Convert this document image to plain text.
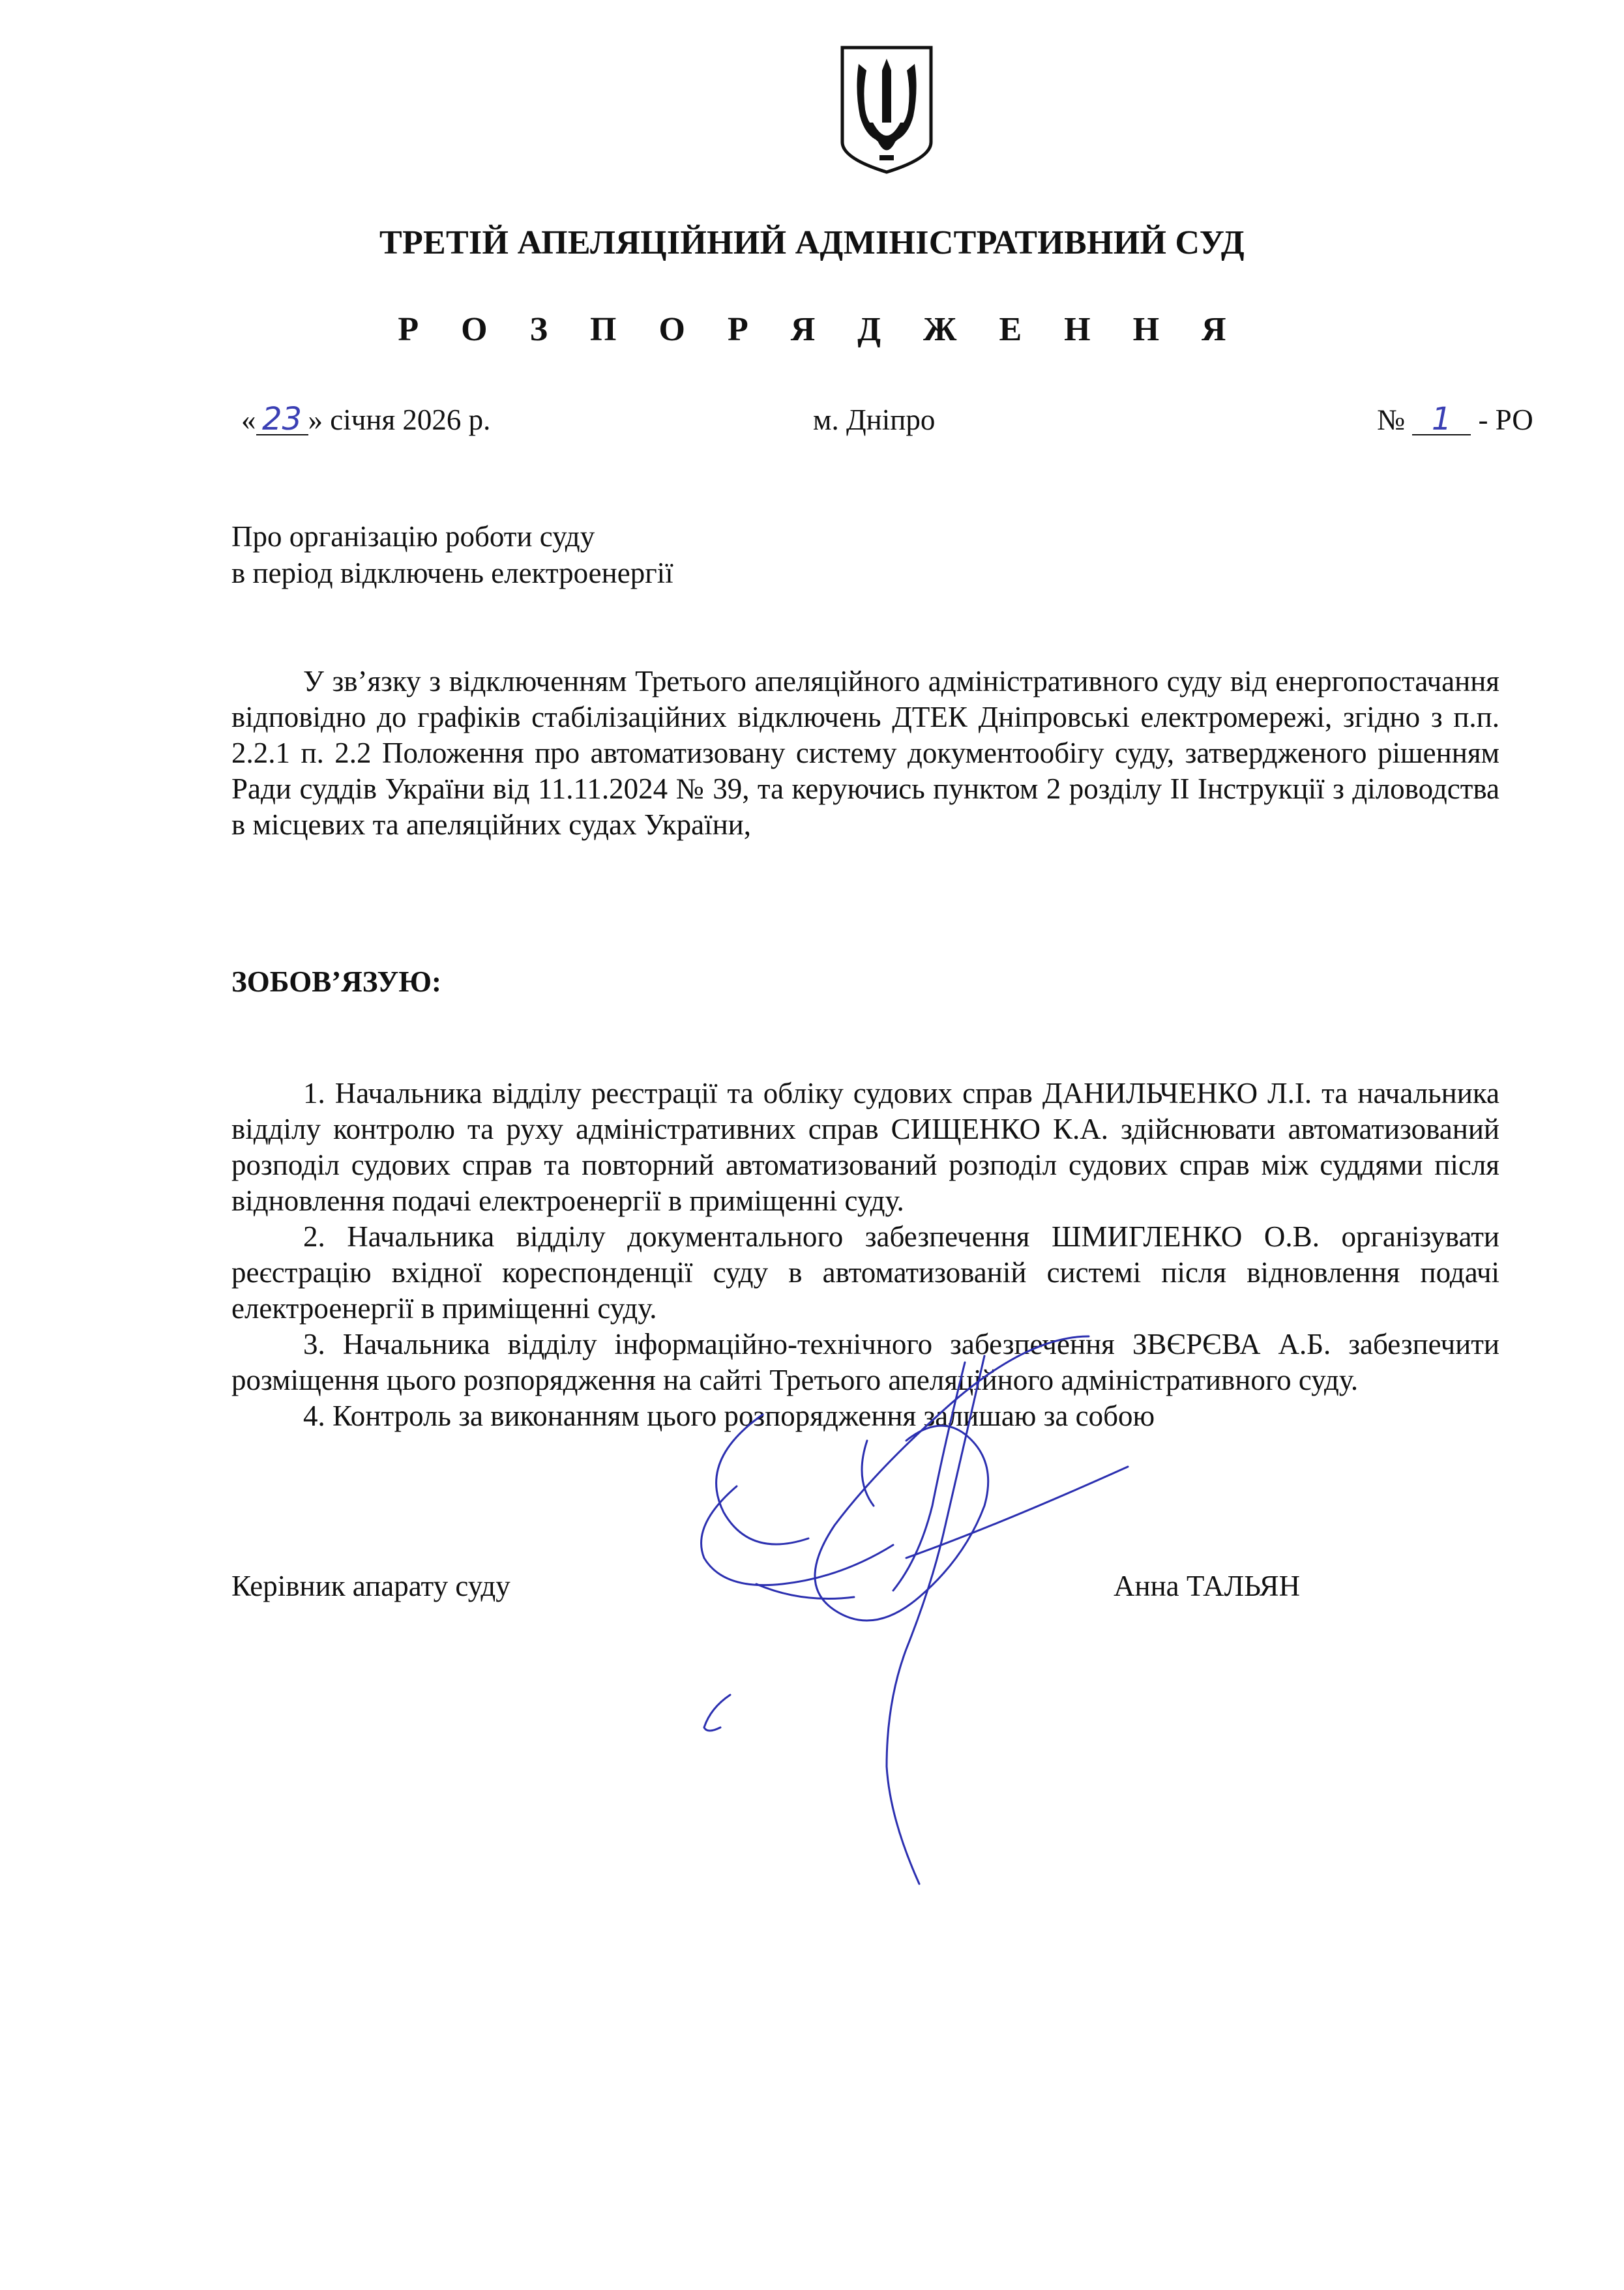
ТРЕТІЙ АПЕЛЯЦІЙНИЙ АДМІНІСТРАТИВНИЙ СУД
Р О З П О Р Я Д Ж Е Н Н Я
« 23 » січня 2026 р.	м. Дніпро	№ 1 - РО
Про організацію роботи суду
в період відключень електроенергії
У зв’язку з відключенням Третього апеляційного адміністративного суду від енергопостачання відповідно до графіків стабілізаційних відключень ДТЕК Дніпровські електромережі, згідно з п.п. 2.2.1 п. 2.2 Положення про автоматизовану систему документообігу суду, затвердженого рішенням Ради суддів України від 11.11.2024 № 39, та керуючись пунктом 2 розділу ІІ Інструкції з діловодства в місцевих та апеляційних судах України,
ЗОБОВ’ЯЗУЮ:

1. Начальника відділу реєстрації та обліку судових справ ДАНИЛЬЧЕНКО Л.І. та начальника відділу контролю та руху адміністративних справ СИЩЕНКО К.А. здійснювати автоматизований розподіл судових справ та повторний автоматизований розподіл судових справ між суддями після відновлення подачі електроенергії в приміщенні суду.

2. Начальника відділу документального забезпечення ШМИГЛЕНКО О.В. організувати реєстрацію вхідної кореспонденції суду в автоматизованій системі після відновлення подачі електроенергії в приміщенні суду.

3. Начальника відділу інформаційно-технічного забезпечення ЗВЄРЄВА А.Б. забезпечити розміщення цього розпорядження на сайті Третього апеляційного адміністративного суду.

4. Контроль за виконанням цього розпорядження залишаю за собою

Керівник апарату суду	Анна ТАЛЬЯН
